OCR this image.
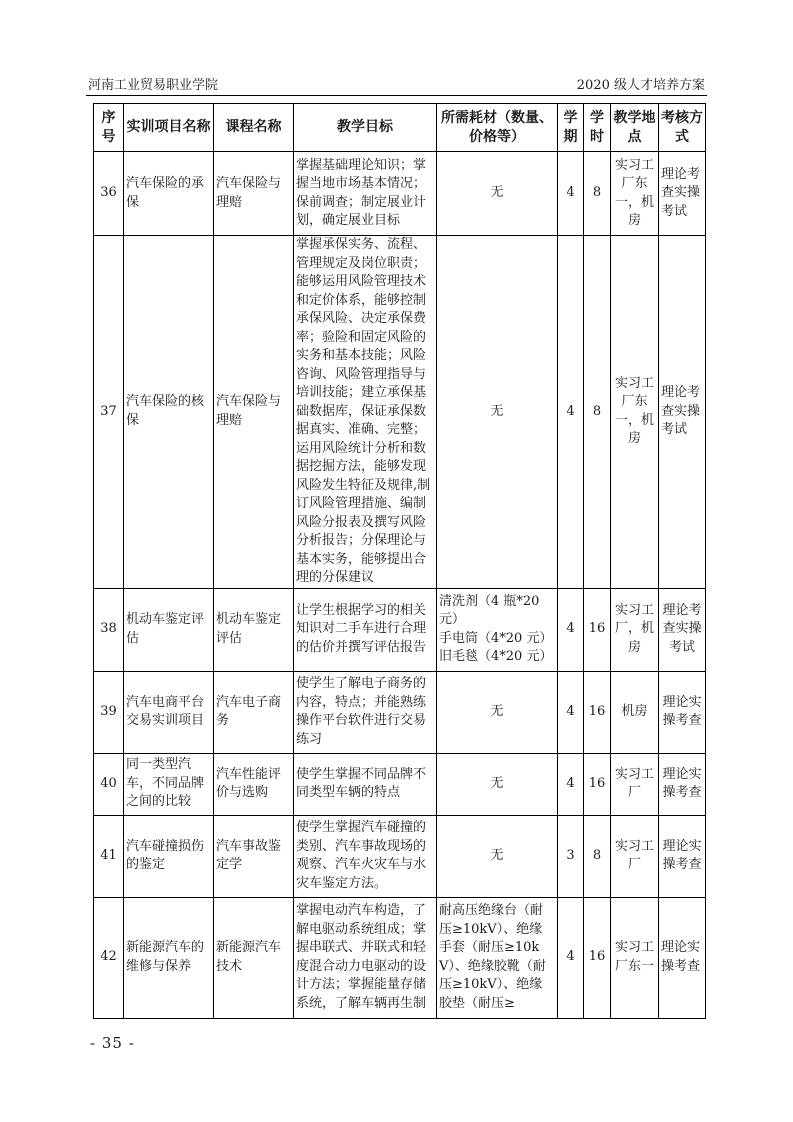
河南工业贸易职业学院	2020 级人才培养方案
序号	实训项目名称	课程名称	教学目标	所需耗材（数量、价格等）	学期	学时	教学地点	考核方式
36	汽车保险的承保	汽车保险与理赔	掌握基础理论知识；掌握当地市场基本情况；保前调查；制定展业计划，确定展业目标	无	4	8	实习工厂东一，机房	理论考查实操考试
37	汽车保险的核保	汽车保险与理赔	掌握承保实务、流程、管理规定及岗位职责；能够运用风险管理技术和定价体系，能够控制承保风险、决定承保费率；验险和固定风险的实务和基本技能；风险咨询、风险管理指导与培训技能；建立承保基础数据库，保证承保数据真实、准确、完整；运用风险统计分析和数据挖掘方法，能够发现风险发生特征及规律,制订风险管理措施、编制风险分报表及撰写风险分析报告；分保理论与基本实务，能够提出合理的分保建议	无	4	8	实习工厂东一，机房	理论考查实操考试
38	机动车鉴定评估	机动车鉴定评估	让学生根据学习的相关知识对二手车进行合理的估价并撰写评估报告	清洗剂（4 瓶*20 元）
手电筒（4*20 元）
旧毛毯（4*20 元）	4	16	实习工厂，机房	理论考查实操考试
39	汽车电商平台交易实训项目	汽车电子商务	使学生了解电子商务的内容，特点；并能熟练操作平台软件进行交易练习	无	4	16	机房	理论实操考查
40	同一类型汽车，不同品牌之间的比较	汽车性能评价与选购	使学生掌握不同品牌不同类型车辆的特点	无	4	16	实习工厂	理论实操考查
41	汽车碰撞损伤的鉴定	汽车事故鉴定学	使学生掌握汽车碰撞的类别、汽车事故现场的观察、汽车火灾车与水灾车鉴定方法。	无	3	8	实习工厂	理论实操考查
42	新能源汽车的维修与保养	新能源汽车技术	掌握电动汽车构造，了解电驱动系统组成；掌握串联式、并联式和轻度混合动力电驱动的设计方法；掌握能量存储系统，了解车辆再生制	耐高压绝缘台（耐压≥10kV）、绝缘手套（耐压≥10kV）、绝缘胶靴（耐压≥10kV）、绝缘胶垫（耐压≥	4	16	实习工厂东一	理论实操考查
- 35 -
